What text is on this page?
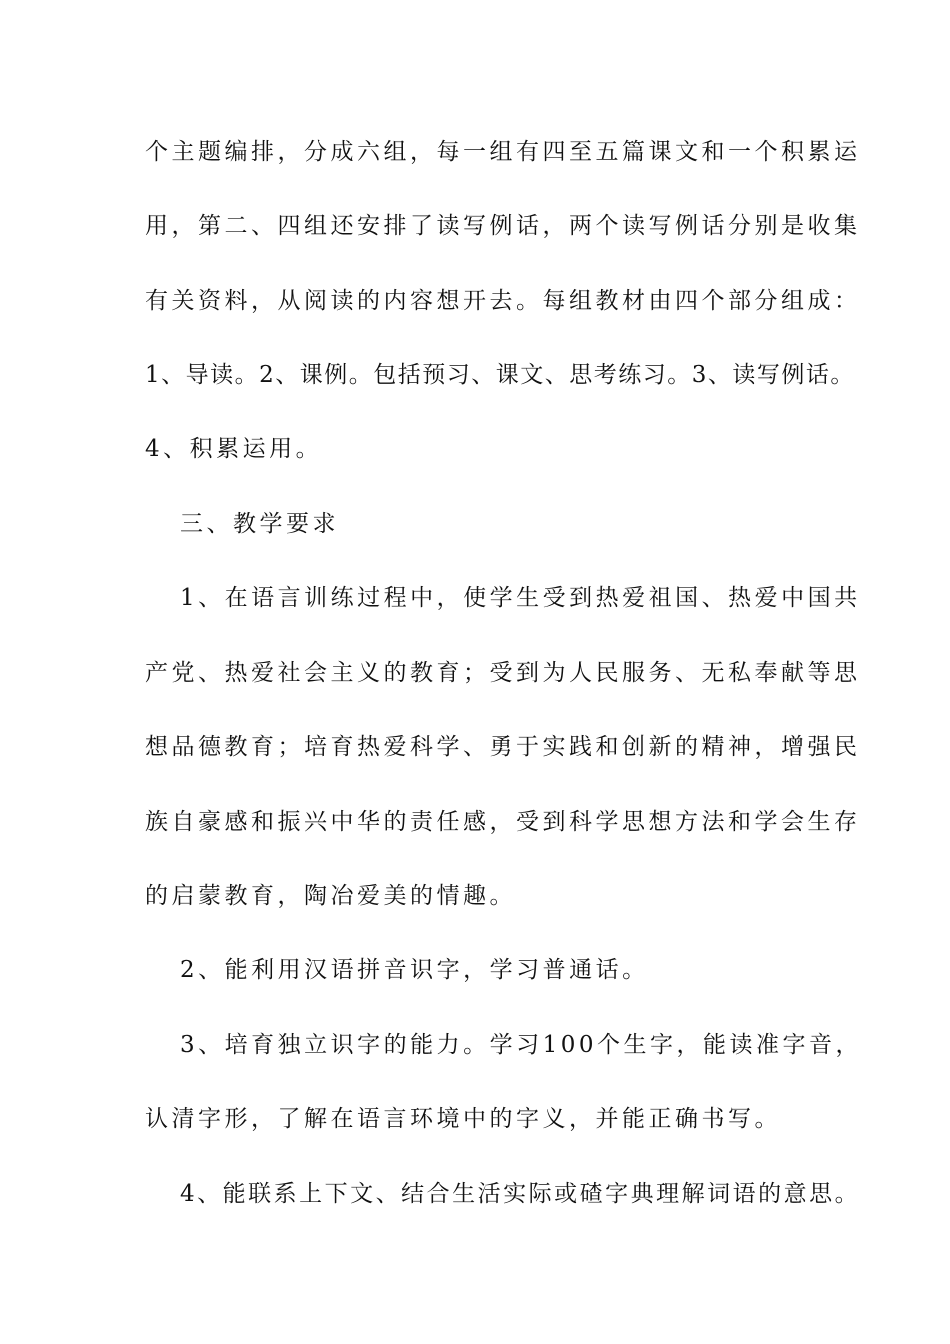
个主题编排，分成六组，每一组有四至五篇课文和一个积累运
用，第二、四组还安排了读写例话，两个读写例话分别是收集
有关资料，从阅读的内容想开去。每组教材由四个部分组成：
1、导读。2、课例。包括预习、课文、思考练习。3、读写例话。
4、积累运用。
三、教学要求
1、在语言训练过程中，使学生受到热爱祖国、热爱中国共
产党、热爱社会主义的教育；受到为人民服务、无私奉献等思
想品德教育；培育热爱科学、勇于实践和创新的精神，增强民
族自豪感和振兴中华的责任感，受到科学思想方法和学会生存
的启蒙教育，陶冶爱美的情趣。
2、能利用汉语拼音识字，学习普通话。
3、培育独立识字的能力。学习100个生字，能读准字音，
认清字形，了解在语言环境中的字义，并能正确书写。
4、能联系上下文、结合生活实际或碴字典理解词语的意思。
